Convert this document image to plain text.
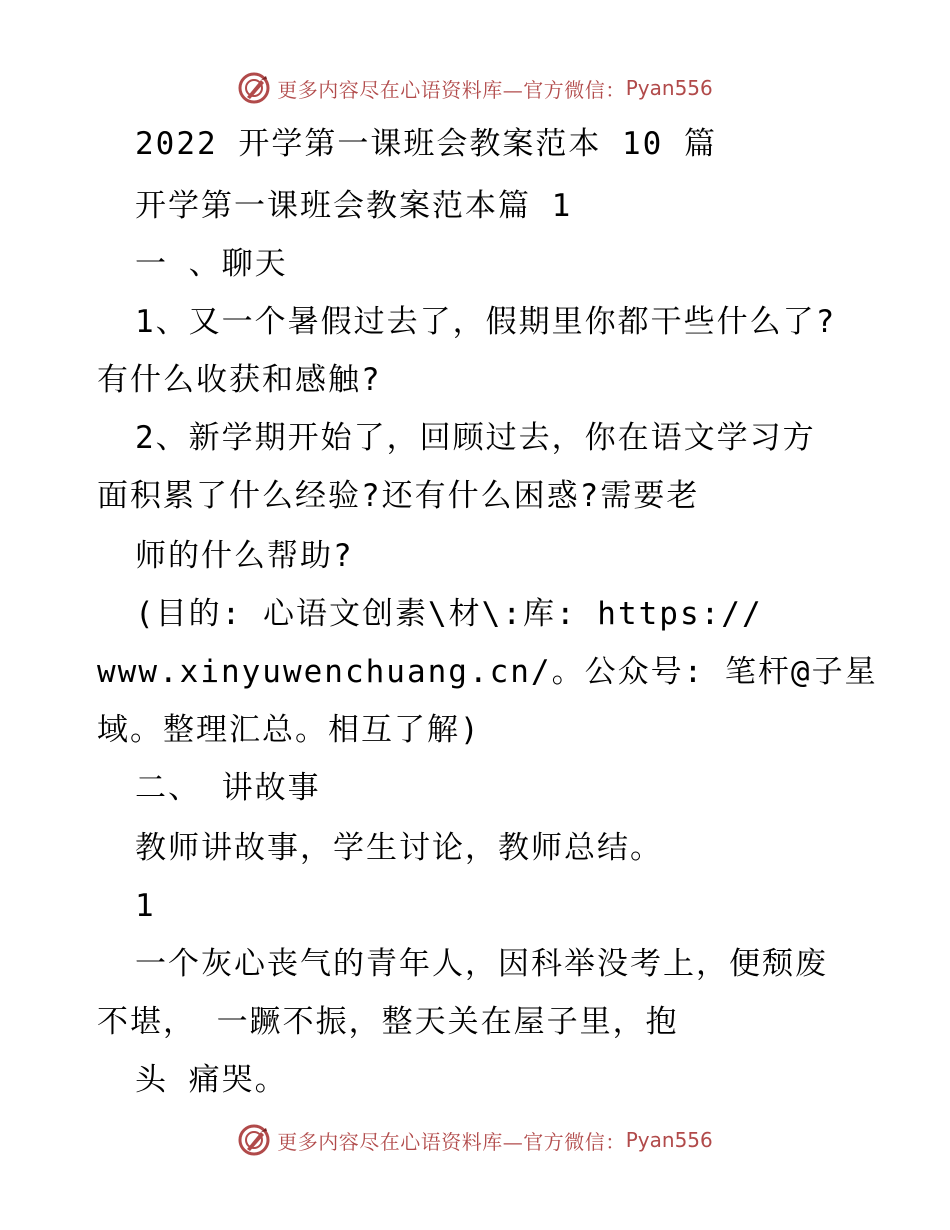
更多内容尽在心语资料库—官方微信： Pyan556
2022 开学第一课班会教案范本 10 篇
开学第一课班会教案范本篇 1
一 、聊天
1、又一个暑假过去了，假期里你都干些什么了?
有什么收获和感触?
2、新学期开始了，回顾过去，你在语文学习方
面积累了什么经验?还有什么困惑?需要老
师的什么帮助?
(目的: 心语文创素\材\:库: https://
www.xinyuwenchuang.cn/。公众号: 笔杆@子星
域。整理汇总。相互了解)
二、 讲故事
教师讲故事，学生讨论，教师总结。
1
一个灰心丧气的青年人，因科举没考上，便颓废
不堪， 一蹶不振，整天关在屋子里，抱
头 痛哭。
更多内容尽在心语资料库—官方微信： Pyan556
